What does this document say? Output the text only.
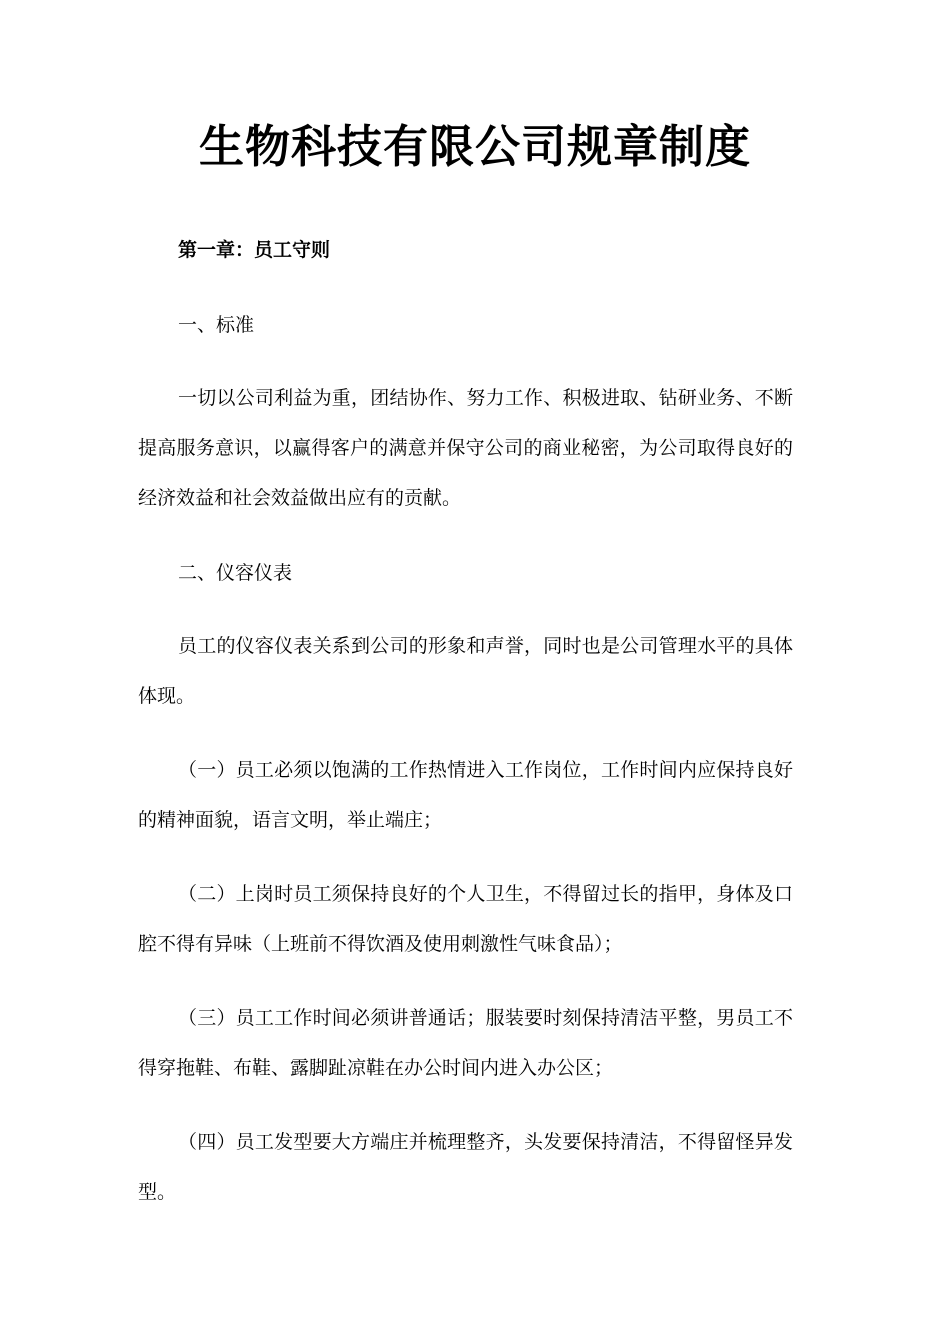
生物科技有限公司规章制度
第一章：员工守则
一、标准
一切以公司利益为重，团结协作、努力工作、积极进取、钻研业务、不断
提高服务意识，以赢得客户的满意并保守公司的商业秘密，为公司取得良好的
经济效益和社会效益做出应有的贡献。
二、仪容仪表
员工的仪容仪表关系到公司的形象和声誉，同时也是公司管理水平的具体
体现。
（一）员工必须以饱满的工作热情进入工作岗位，工作时间内应保持良好
的精神面貌，语言文明，举止端庄；
（二）上岗时员工须保持良好的个人卫生，不得留过长的指甲，身体及口
腔不得有异味（上班前不得饮酒及使用刺激性气味食品）；
（三）员工工作时间必须讲普通话；服装要时刻保持清洁平整，男员工不
得穿拖鞋、布鞋、露脚趾凉鞋在办公时间内进入办公区；
（四）员工发型要大方端庄并梳理整齐，头发要保持清洁，不得留怪异发
型。
